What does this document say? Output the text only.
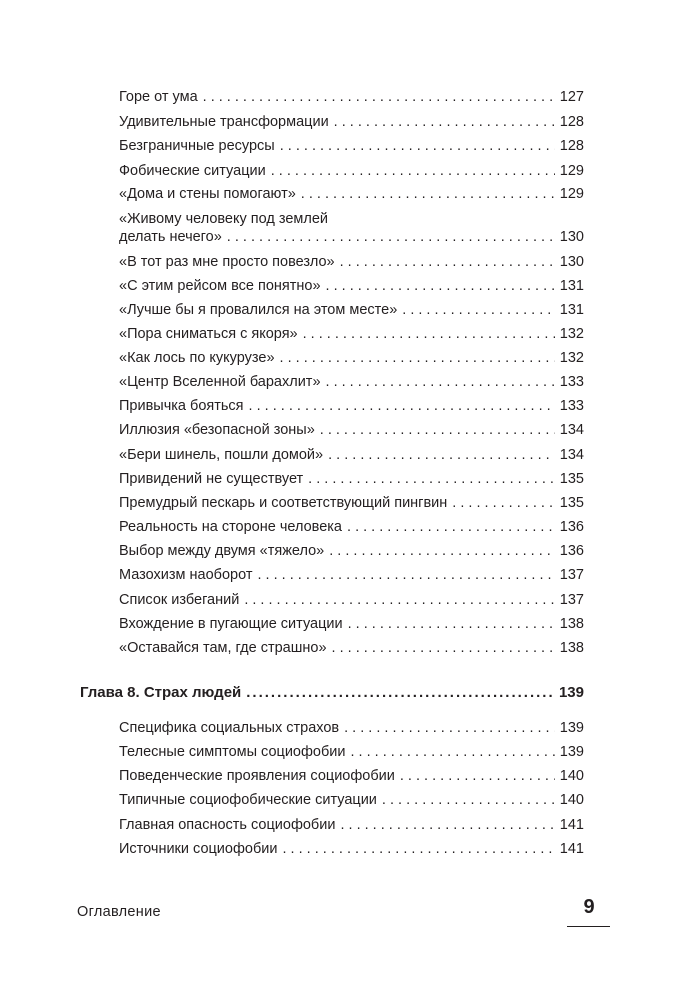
Горе от ума . . .	127
Удивительные трансформации . . .	128
Безграничные ресурсы . . .	128
Фобические ситуации . . .	129
«Дома и стены помогают» . . .	129
«Живому человеку под землей
делать нечего» . . .	130
«В тот раз мне просто повезло» . . .	130
«С этим рейсом все понятно» . . .	131
«Лучше бы я провалился на этом месте» . . .	131
«Пора сниматься с якоря» . . .	132
«Как лось по кукурузе» . . .	132
«Центр Вселенной барахлит» . . .	133
Привычка бояться . . .	133
Иллюзия «безопасной зоны» . . .	134
«Бери шинель, пошли домой» . . .	134
Привидений не существует . . .	135
Премудрый пескарь и соответствующий пингвин . . .	135
Реальность на стороне человека . . .	136
Выбор между двумя «тяжело» . . .	136
Мазохизм наоборот . . .	137
Список избеганий . . .	137
Вхождение в пугающие ситуации . . .	138
«Оставайся там, где страшно» . . .	138
Глава 8. Страх людей .....	139
Специфика социальных страхов . . .	139
Телесные симптомы социофобии . . .	139
Поведенческие проявления социофобии . . .	140
Типичные социофобические ситуации . . .	140
Главная опасность социофобии . . .	141
Источники социофобии . . .	141
Оглавление	9
